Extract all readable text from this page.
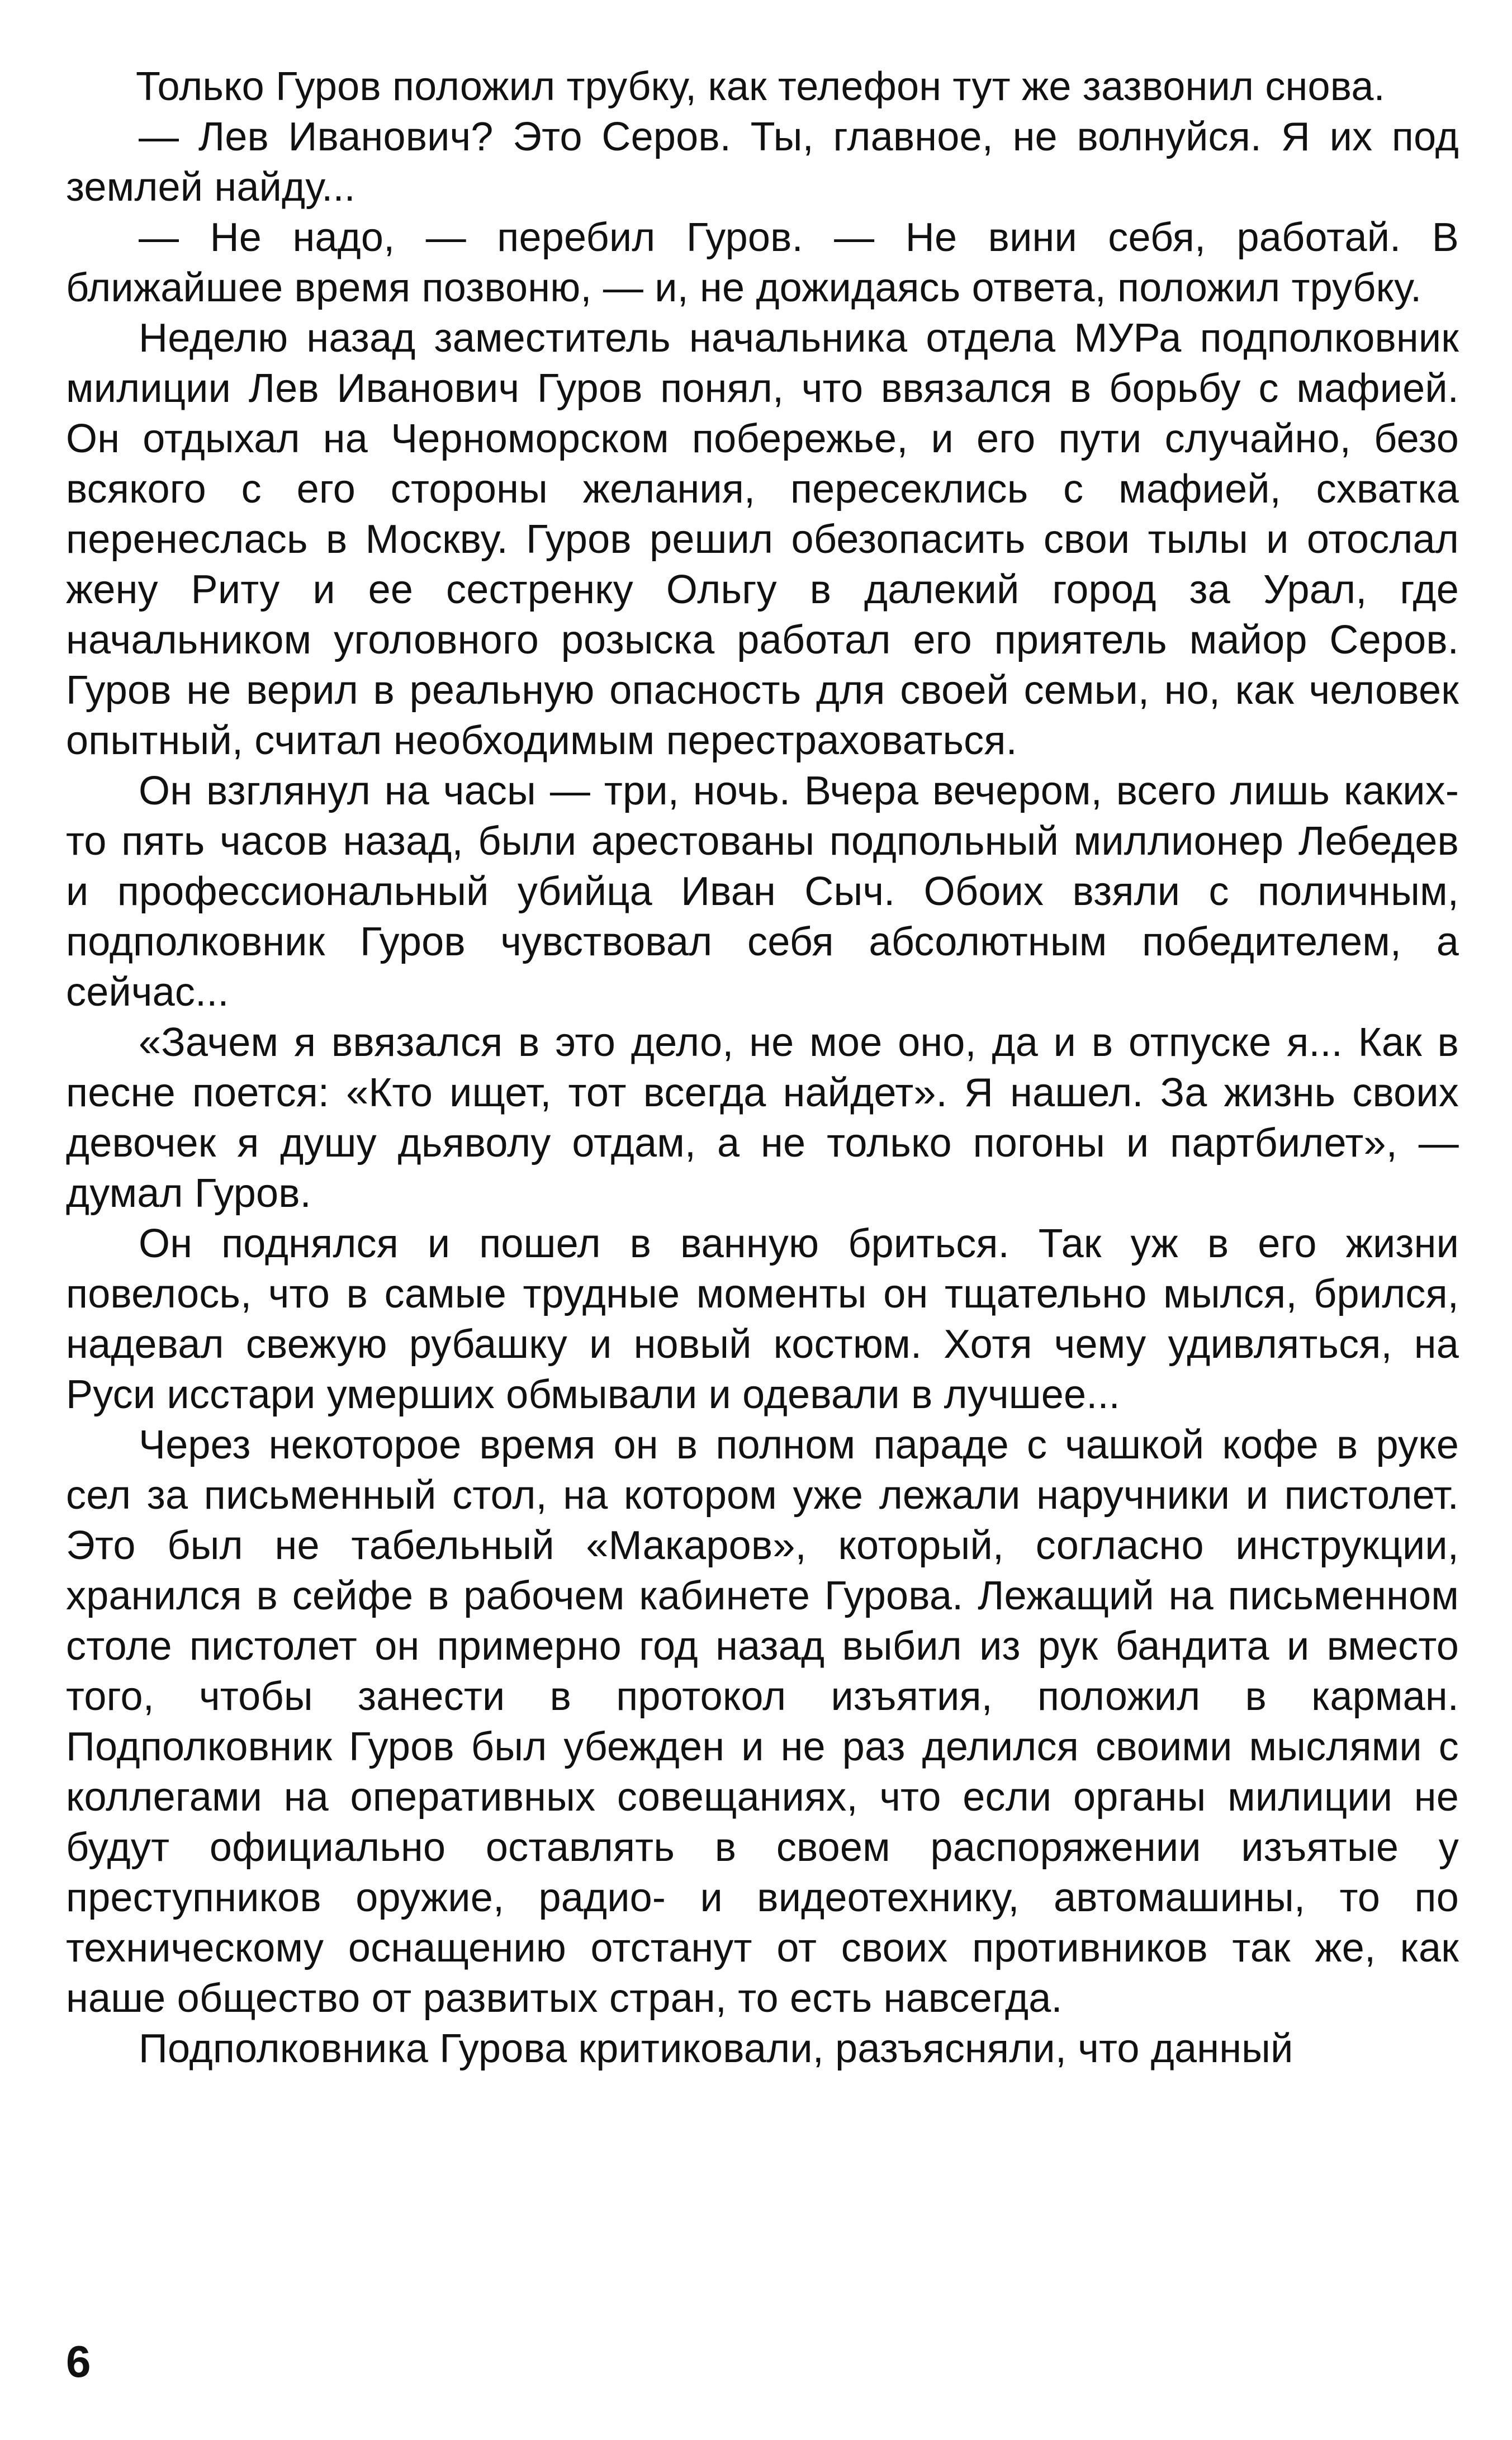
Только Гуров положил трубку, как телефон тут же зазвонил снова.

— Лев Иванович? Это Серов. Ты, главное, не волнуйся. Я их под землей найду...

— Не надо, — перебил Гуров. — Не вини себя, работай. В ближайшее время позвоню, — и, не дожидаясь ответа, положил трубку.

Неделю назад заместитель начальника отдела МУРа подполковник милиции Лев Иванович Гуров понял, что ввязался в борьбу с мафией. Он отдыхал на Черноморском побережье, и его пути случайно, безо всякого с его стороны желания, пересеклись с мафией, схватка перенеслась в Москву. Гуров решил обезопасить свои тылы и отослал жену Риту и ее сестренку Ольгу в далекий город за Урал, где начальником уголовного розыска работал его приятель майор Серов. Гуров не верил в реальную опасность для своей семьи, но, как человек опытный, считал необходимым перестраховаться.

Он взглянул на часы — три, ночь. Вчера вечером, всего лишь каких-то пять часов назад, были арестованы подпольный миллионер Лебедев и профессиональный убийца Иван Сыч. Обоих взяли с поличным, подполковник Гуров чувствовал себя абсолютным победителем, а сейчас...

«Зачем я ввязался в это дело, не мое оно, да и в отпуске я... Как в песне поется: «Кто ищет, тот всегда найдет». Я нашел. За жизнь своих девочек я душу дьяволу отдам, а не только погоны и партбилет», — думал Гуров.

Он поднялся и пошел в ванную бриться. Так уж в его жизни повелось, что в самые трудные моменты он тщательно мылся, брился, надевал свежую рубашку и новый костюм. Хотя чему удивляться, на Руси исстари умерших обмывали и одевали в лучшее...

Через некоторое время он в полном параде с чашкой кофе в руке сел за письменный стол, на котором уже лежали наручники и пистолет. Это был не табельный «Макаров», который, согласно инструкции, хранился в сейфе в рабочем кабинете Гурова. Лежащий на письменном столе пистолет он примерно год назад выбил из рук бандита и вместо того, чтобы занести в протокол изъятия, положил в карман. Подполковник Гуров был убежден и не раз делился своими мыслями с коллегами на оперативных совещаниях, что если органы милиции не будут официально оставлять в своем распоряжении изъятые у преступников оружие, радио- и видеотехнику, автомашины, то по техническому оснащению отстанут от своих противников так же, как наше общество от развитых стран, то есть навсегда.

Подполковника Гурова критиковали, разъясняли, что данный

6
